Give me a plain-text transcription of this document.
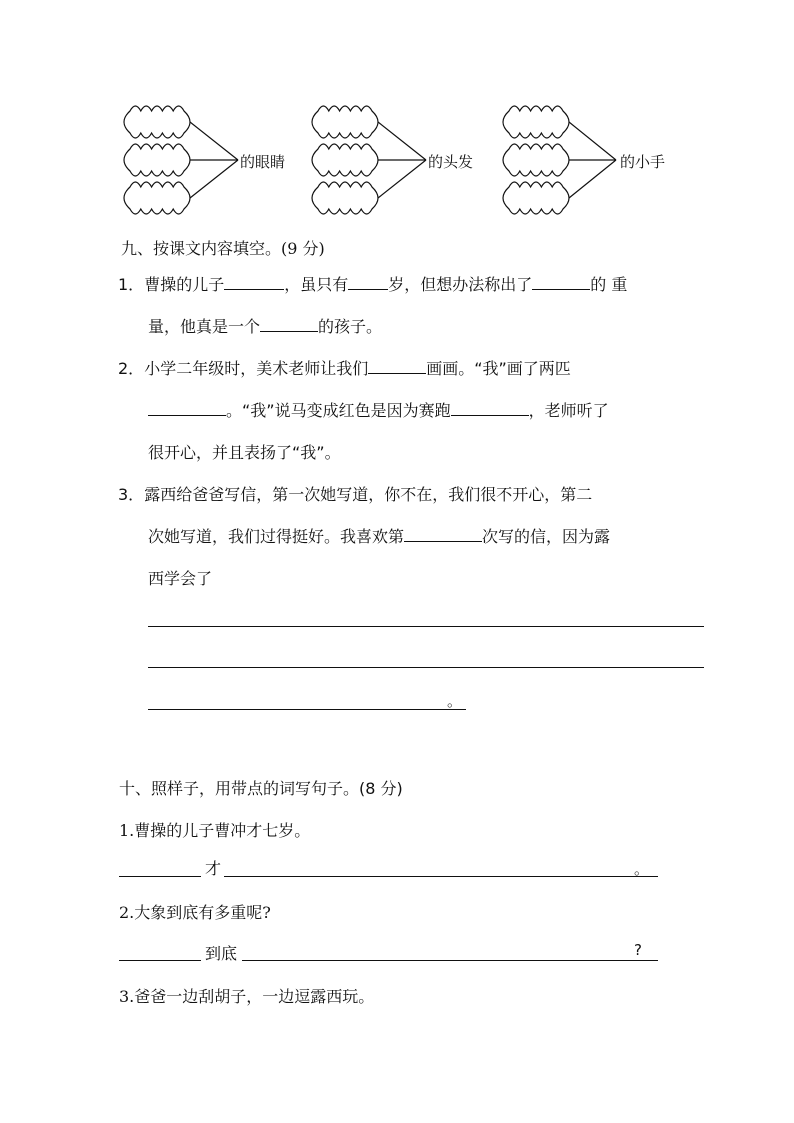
的眼睛	的头发	的小手
九、按课文内容填空。(9 分)
1．曹操的儿子	，虽只有	岁，但想办法称出了	的 重
量，他真是一个	的孩子。
2．小学二年级时，美术老师让我们	画画。“我”画了两匹
。“我”说马变成红色是因为赛跑	，老师听了
很开心，并且表扬了“我”。
3．露西给爸爸写信，第一次她写道，你不在，我们很不开心，第二
次她写道，我们过得挺好。我喜欢第	次写的信，因为露
西学会了
。
十、照样子，用带点的词写句子。(8 分)
1.曹操的儿子曹冲才七岁。
才	。
2.大象到底有多重呢?
到底	?
3.爸爸一边刮胡子，一边逗露西玩。
